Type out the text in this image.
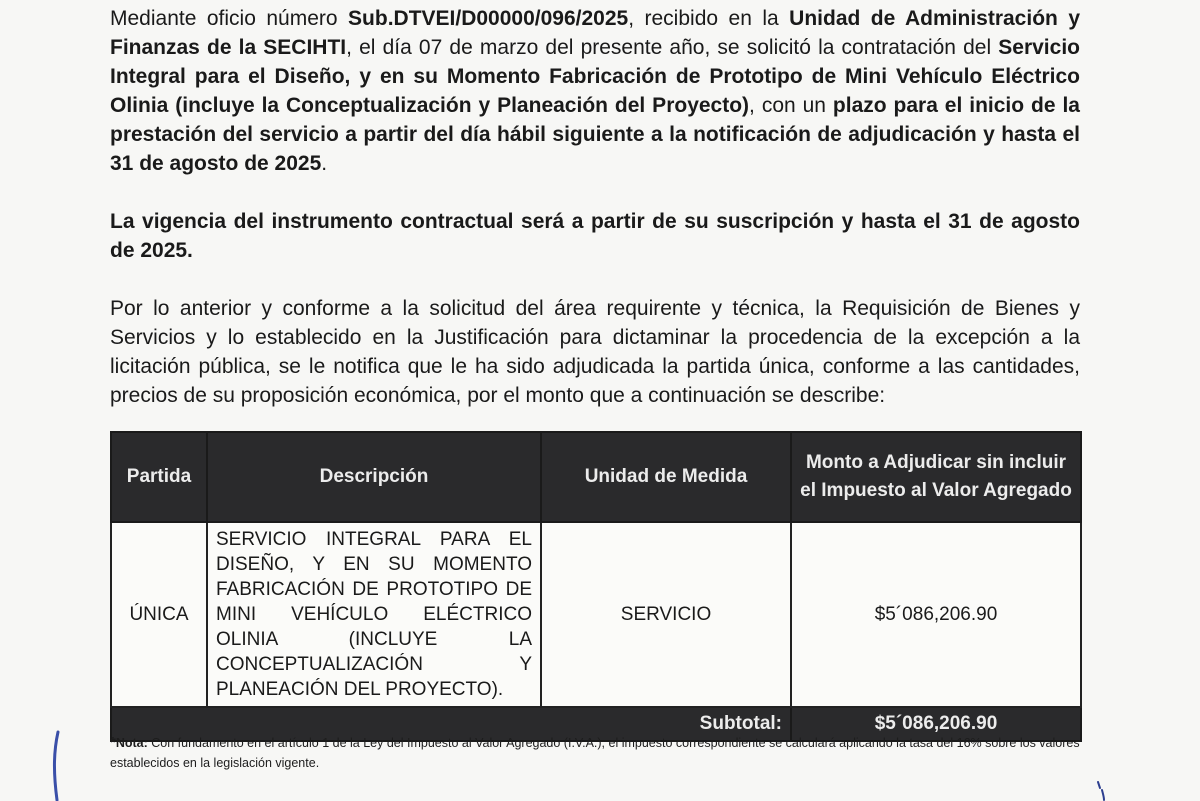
Mediante oficio número Sub.DTVEI/D00000/096/2025, recibido en la Unidad de Administración y Finanzas de la SECIHTI, el día 07 de marzo del presente año, se solicitó la contratación del Servicio Integral para el Diseño, y en su Momento Fabricación de Prototipo de Mini Vehículo Eléctrico Olinia (incluye la Conceptualización y Planeación del Proyecto), con un plazo para el inicio de la prestación del servicio a partir del día hábil siguiente a la notificación de adjudicación y hasta el 31 de agosto de 2025.

La vigencia del instrumento contractual será a partir de su suscripción y hasta el 31 de agosto de 2025.

Por lo anterior y conforme a la solicitud del área requirente y técnica, la Requisición de Bienes y Servicios y lo establecido en la Justificación para dictaminar la procedencia de la excepción a la licitación pública, se le notifica que le ha sido adjudicada la partida única, conforme a las cantidades, precios de su proposición económica, por el monto que a continuación se describe:

Partida	Descripción	Unidad de Medida	Monto a Adjudicar sin incluir el Impuesto al Valor Agregado
ÚNICA	SERVICIO INTEGRAL PARA EL DISEÑO, Y EN SU MOMENTO FABRICACIÓN DE PROTOTIPO DE MINI VEHÍCULO ELÉCTRICO OLINIA (INCLUYE LA CONCEPTUALIZACIÓN Y PLANEACIÓN DEL PROYECTO).	SERVICIO	$5´086,206.90
Subtotal:			$5´086,206.90
*Nota: Con fundamento en el artículo 1 de la Ley del Impuesto al Valor Agregado (I.V.A.), el impuesto correspondiente se calculará aplicando la tasa del 16% sobre los valores establecidos en la legislación vigente.
